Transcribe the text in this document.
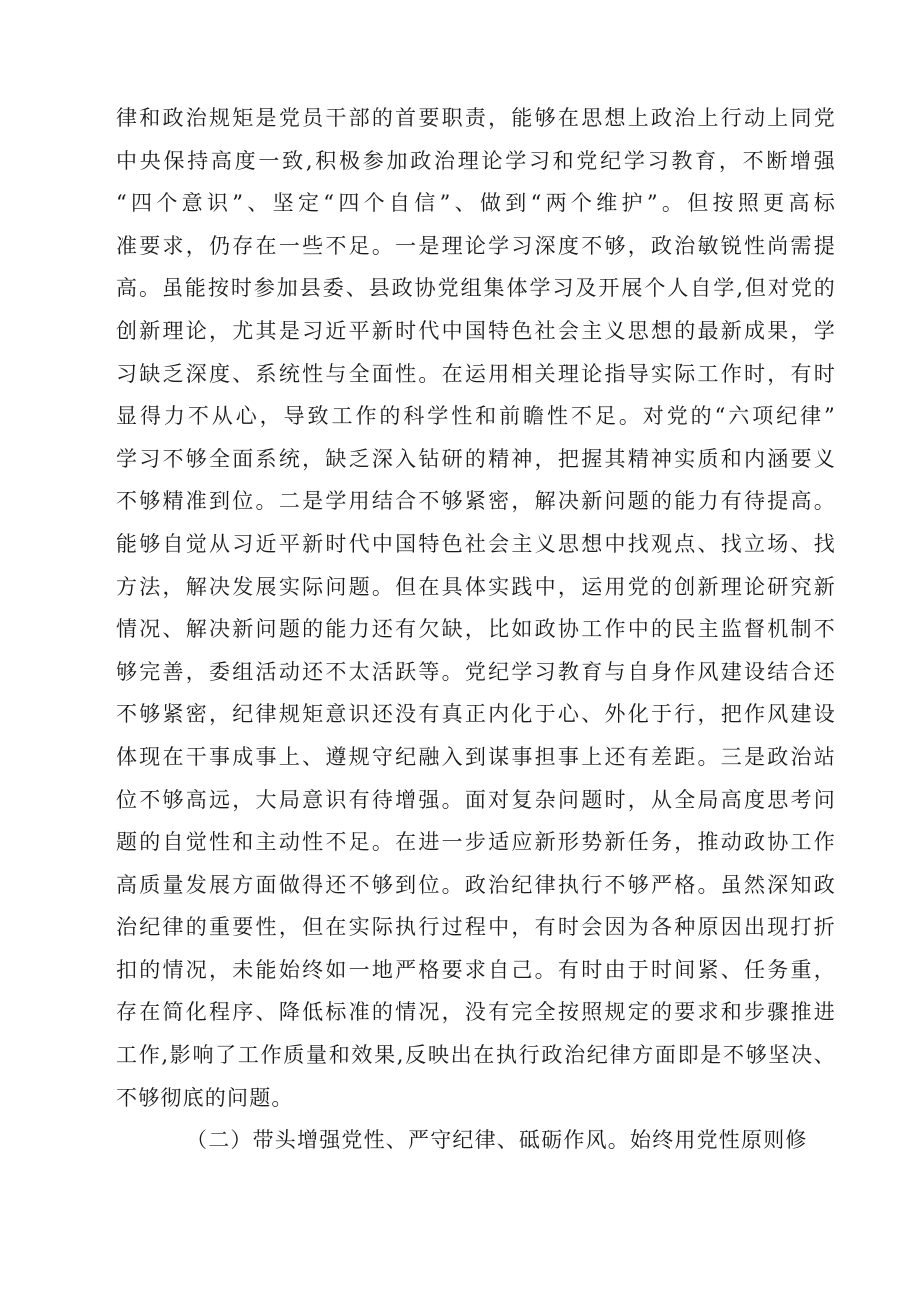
律和政治规矩是党员干部的首要职责，能够在思想上政治上行动上同党
中央保持高度一致,积极参加政治理论学习和党纪学习教育，不断增强
“四个意识”、坚定“四个自信”、做到“两个维护”。但按照更高标
准要求，仍存在一些不足。一是理论学习深度不够，政治敏锐性尚需提
高。虽能按时参加县委、县政协党组集体学习及开展个人自学,但对党的
创新理论，尤其是习近平新时代中国特色社会主义思想的最新成果，学
习缺乏深度、系统性与全面性。在运用相关理论指导实际工作时，有时
显得力不从心，导致工作的科学性和前瞻性不足。对党的“六项纪律”
学习不够全面系统，缺乏深入钻研的精神，把握其精神实质和内涵要义
不够精准到位。二是学用结合不够紧密，解决新问题的能力有待提高。
能够自觉从习近平新时代中国特色社会主义思想中找观点、找立场、找
方法，解决发展实际问题。但在具体实践中，运用党的创新理论研究新
情况、解决新问题的能力还有欠缺，比如政协工作中的民主监督机制不
够完善，委组活动还不太活跃等。党纪学习教育与自身作风建设结合还
不够紧密，纪律规矩意识还没有真正内化于心、外化于行，把作风建设
体现在干事成事上、遵规守纪融入到谋事担事上还有差距。三是政治站
位不够高远，大局意识有待增强。面对复杂问题时，从全局高度思考问
题的自觉性和主动性不足。在进一步适应新形势新任务，推动政协工作
高质量发展方面做得还不够到位。政治纪律执行不够严格。虽然深知政
治纪律的重要性，但在实际执行过程中，有时会因为各种原因出现打折
扣的情况，未能始终如一地严格要求自己。有时由于时间紧、任务重，
存在简化程序、降低标准的情况，没有完全按照规定的要求和步骤推进
工作,影响了工作质量和效果,反映出在执行政治纪律方面即是不够坚决、
不够彻底的问题。
（二）带头增强党性、严守纪律、砥砺作风。始终用党性原则修
